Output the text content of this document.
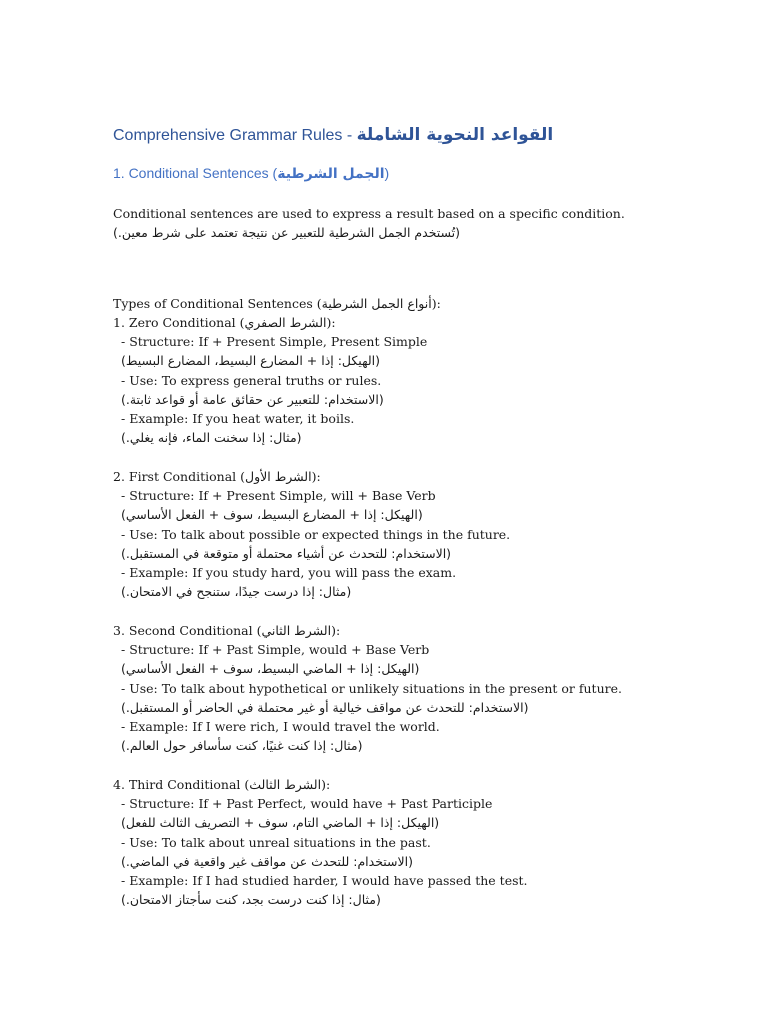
Comprehensive Grammar Rules - القواعد النحوية الشاملة
1. Conditional Sentences (الجمل الشرطية)
Conditional sentences are used to express a result based on a specific condition.
(تُستخدم الجمل الشرطية للتعبير عن نتيجة تعتمد على شرط معين.)
Types of Conditional Sentences (أنواع الجمل الشرطية):
1. Zero Conditional (الشرط الصفري):
- Structure: If + Present Simple, Present Simple
(الهيكل: إذا + المضارع البسيط، المضارع البسيط)
- Use: To express general truths or rules.
(الاستخدام: للتعبير عن حقائق عامة أو قواعد ثابتة.)
- Example: If you heat water, it boils.
(مثال: إذا سخنت الماء، فإنه يغلي.)
2. First Conditional (الشرط الأول):
- Structure: If + Present Simple, will + Base Verb
(الهيكل: إذا + المضارع البسيط، سوف + الفعل الأساسي)
- Use: To talk about possible or expected things in the future.
(الاستخدام: للتحدث عن أشياء محتملة أو متوقعة في المستقبل.)
- Example: If you study hard, you will pass the exam.
(مثال: إذا درست جيدًا، ستنجح في الامتحان.)
3. Second Conditional (الشرط الثاني):
- Structure: If + Past Simple, would + Base Verb
(الهيكل: إذا + الماضي البسيط، سوف + الفعل الأساسي)
- Use: To talk about hypothetical or unlikely situations in the present or future.
(الاستخدام: للتحدث عن مواقف خيالية أو غير محتملة في الحاضر أو المستقبل.)
- Example: If I were rich, I would travel the world.
(مثال: إذا كنت غنيًا، كنت سأسافر حول العالم.)
4. Third Conditional (الشرط الثالث):
- Structure: If + Past Perfect, would have + Past Participle
(الهيكل: إذا + الماضي التام، سوف + التصريف الثالث للفعل)
- Use: To talk about unreal situations in the past.
(الاستخدام: للتحدث عن مواقف غير واقعية في الماضي.)
- Example: If I had studied harder, I would have passed the test.
(مثال: إذا كنت درست بجد، كنت سأجتاز الامتحان.)
